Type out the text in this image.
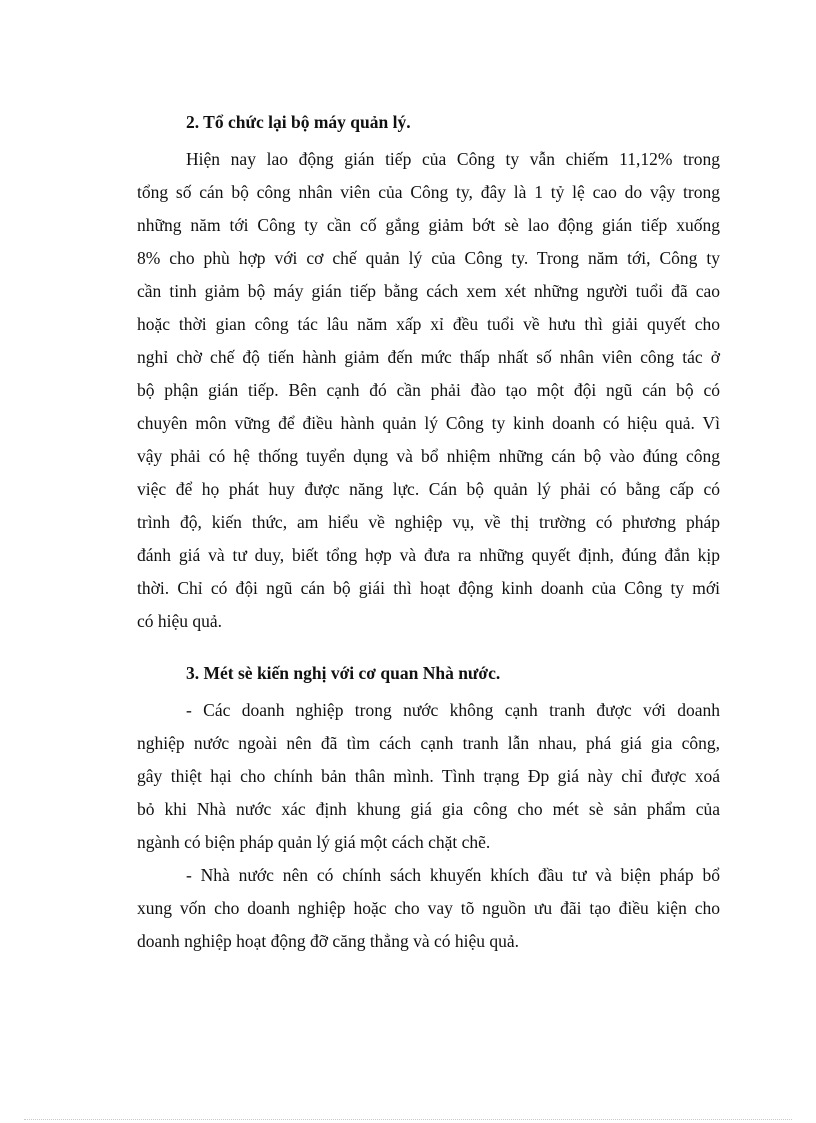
2. Tổ chức lại bộ máy quản lý.
Hiện nay lao động gián tiếp của Công ty vẫn chiếm 11,12% trong
tổng số cán bộ công nhân viên của Công ty, đây là 1 tỷ lệ cao do vậy trong
những năm tới Công ty cần cố gắng giảm bớt sè lao động gián tiếp xuống
8% cho phù hợp với cơ chế quản lý của Công ty. Trong năm tới, Công ty
cần tinh giảm bộ máy gián tiếp bằng cách xem xét những người tuổi đã cao
hoặc thời gian công tác lâu năm xấp xỉ đều tuổi về hưu thì giải quyết cho
nghỉ chờ chế độ tiến hành giảm đến mức thấp nhất số nhân viên công tác ở
bộ phận gián tiếp. Bên cạnh đó cần phải đào tạo một đội ngũ cán bộ có
chuyên môn vững để điều hành quản lý Công ty kinh doanh có hiệu quả. Vì
vậy phải có hệ thống tuyển dụng và bổ nhiệm những cán bộ vào đúng công
việc để họ phát huy được năng lực. Cán bộ quản lý phải có bằng cấp có
trình độ, kiến thức, am hiểu về nghiệp vụ, về thị trường có phương pháp
đánh giá và tư duy, biết tổng hợp và đưa ra những quyết định, đúng đắn kịp
thời. Chỉ có đội ngũ cán bộ giái thì hoạt động kinh doanh của Công ty mới
có hiệu quả.
3. Mét sè kiến nghị với cơ quan Nhà nước.
- Các doanh nghiệp trong nước không cạnh tranh được với doanh
nghiệp nước ngoài nên đã tìm cách cạnh tranh lẫn nhau, phá giá gia công,
gây thiệt hại cho chính bản thân mình. Tình trạng Đp giá này chỉ được xoá
bỏ khi Nhà nước xác định khung giá gia công cho mét sè sản phẩm của
ngành có biện pháp quản lý giá một cách chặt chẽ.
- Nhà nước nên có chính sách khuyến khích đầu tư và biện pháp bổ
xung vốn cho doanh nghiệp hoặc cho vay tõ nguồn ưu đãi tạo điều kiện cho
doanh nghiệp hoạt động đỡ căng thẳng và có hiệu quả.
